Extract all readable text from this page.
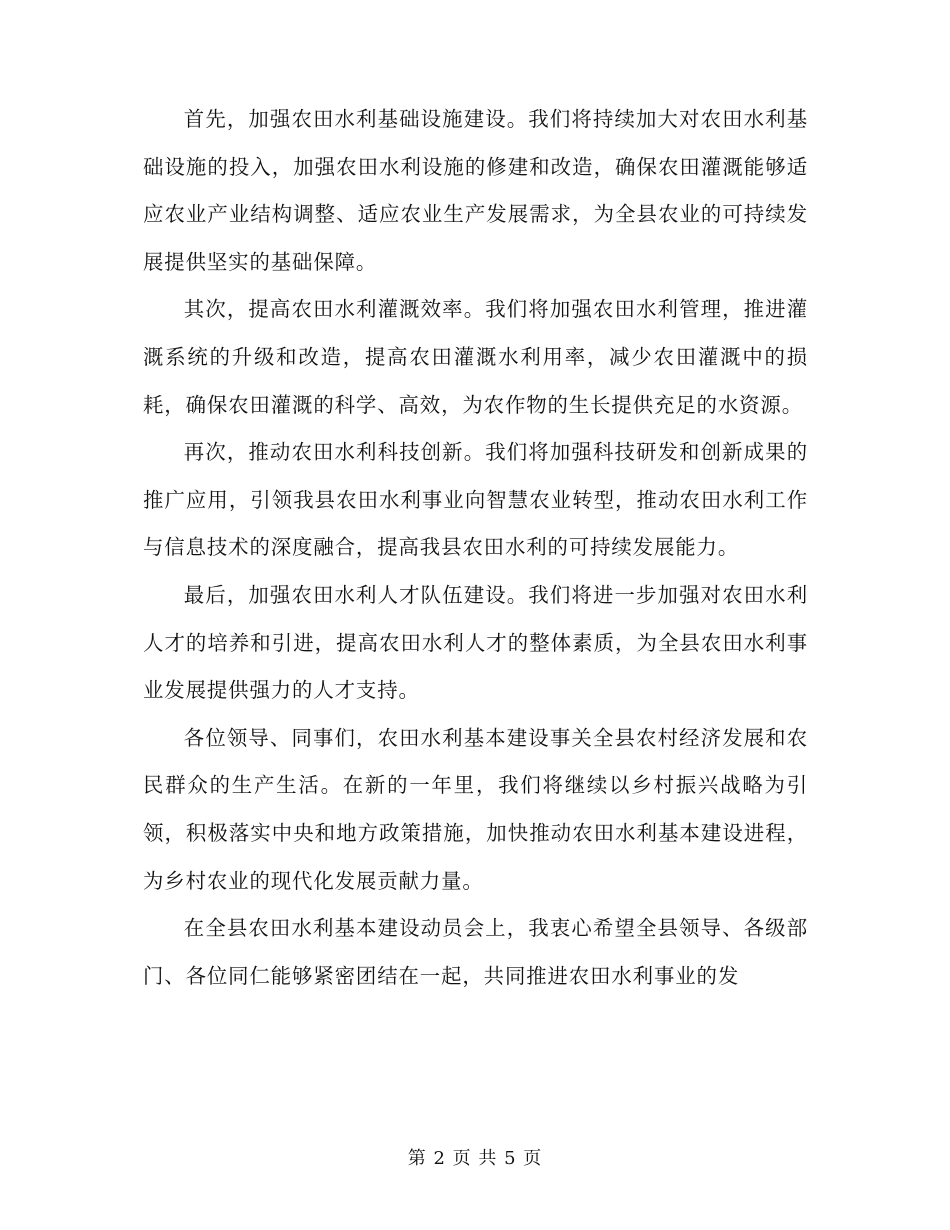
首先，加强农田水利基础设施建设。我们将持续加大对农田水利基础设施的投入，加强农田水利设施的修建和改造，确保农田灌溉能够适应农业产业结构调整、适应农业生产发展需求，为全县农业的可持续发展提供坚实的基础保障。

其次，提高农田水利灌溉效率。我们将加强农田水利管理，推进灌溉系统的升级和改造，提高农田灌溉水利用率，减少农田灌溉中的损耗，确保农田灌溉的科学、高效，为农作物的生长提供充足的水资源。

再次，推动农田水利科技创新。我们将加强科技研发和创新成果的推广应用，引领我县农田水利事业向智慧农业转型，推动农田水利工作与信息技术的深度融合，提高我县农田水利的可持续发展能力。

最后，加强农田水利人才队伍建设。我们将进一步加强对农田水利人才的培养和引进，提高农田水利人才的整体素质，为全县农田水利事业发展提供强力的人才支持。

各位领导、同事们，农田水利基本建设事关全县农村经济发展和农民群众的生产生活。在新的一年里，我们将继续以乡村振兴战略为引领，积极落实中央和地方政策措施，加快推动农田水利基本建设进程，为乡村农业的现代化发展贡献力量。

在全县农田水利基本建设动员会上，我衷心希望全县领导、各级部门、各位同仁能够紧密团结在一起，共同推进农田水利事业的发

第 2 页 共 5 页
